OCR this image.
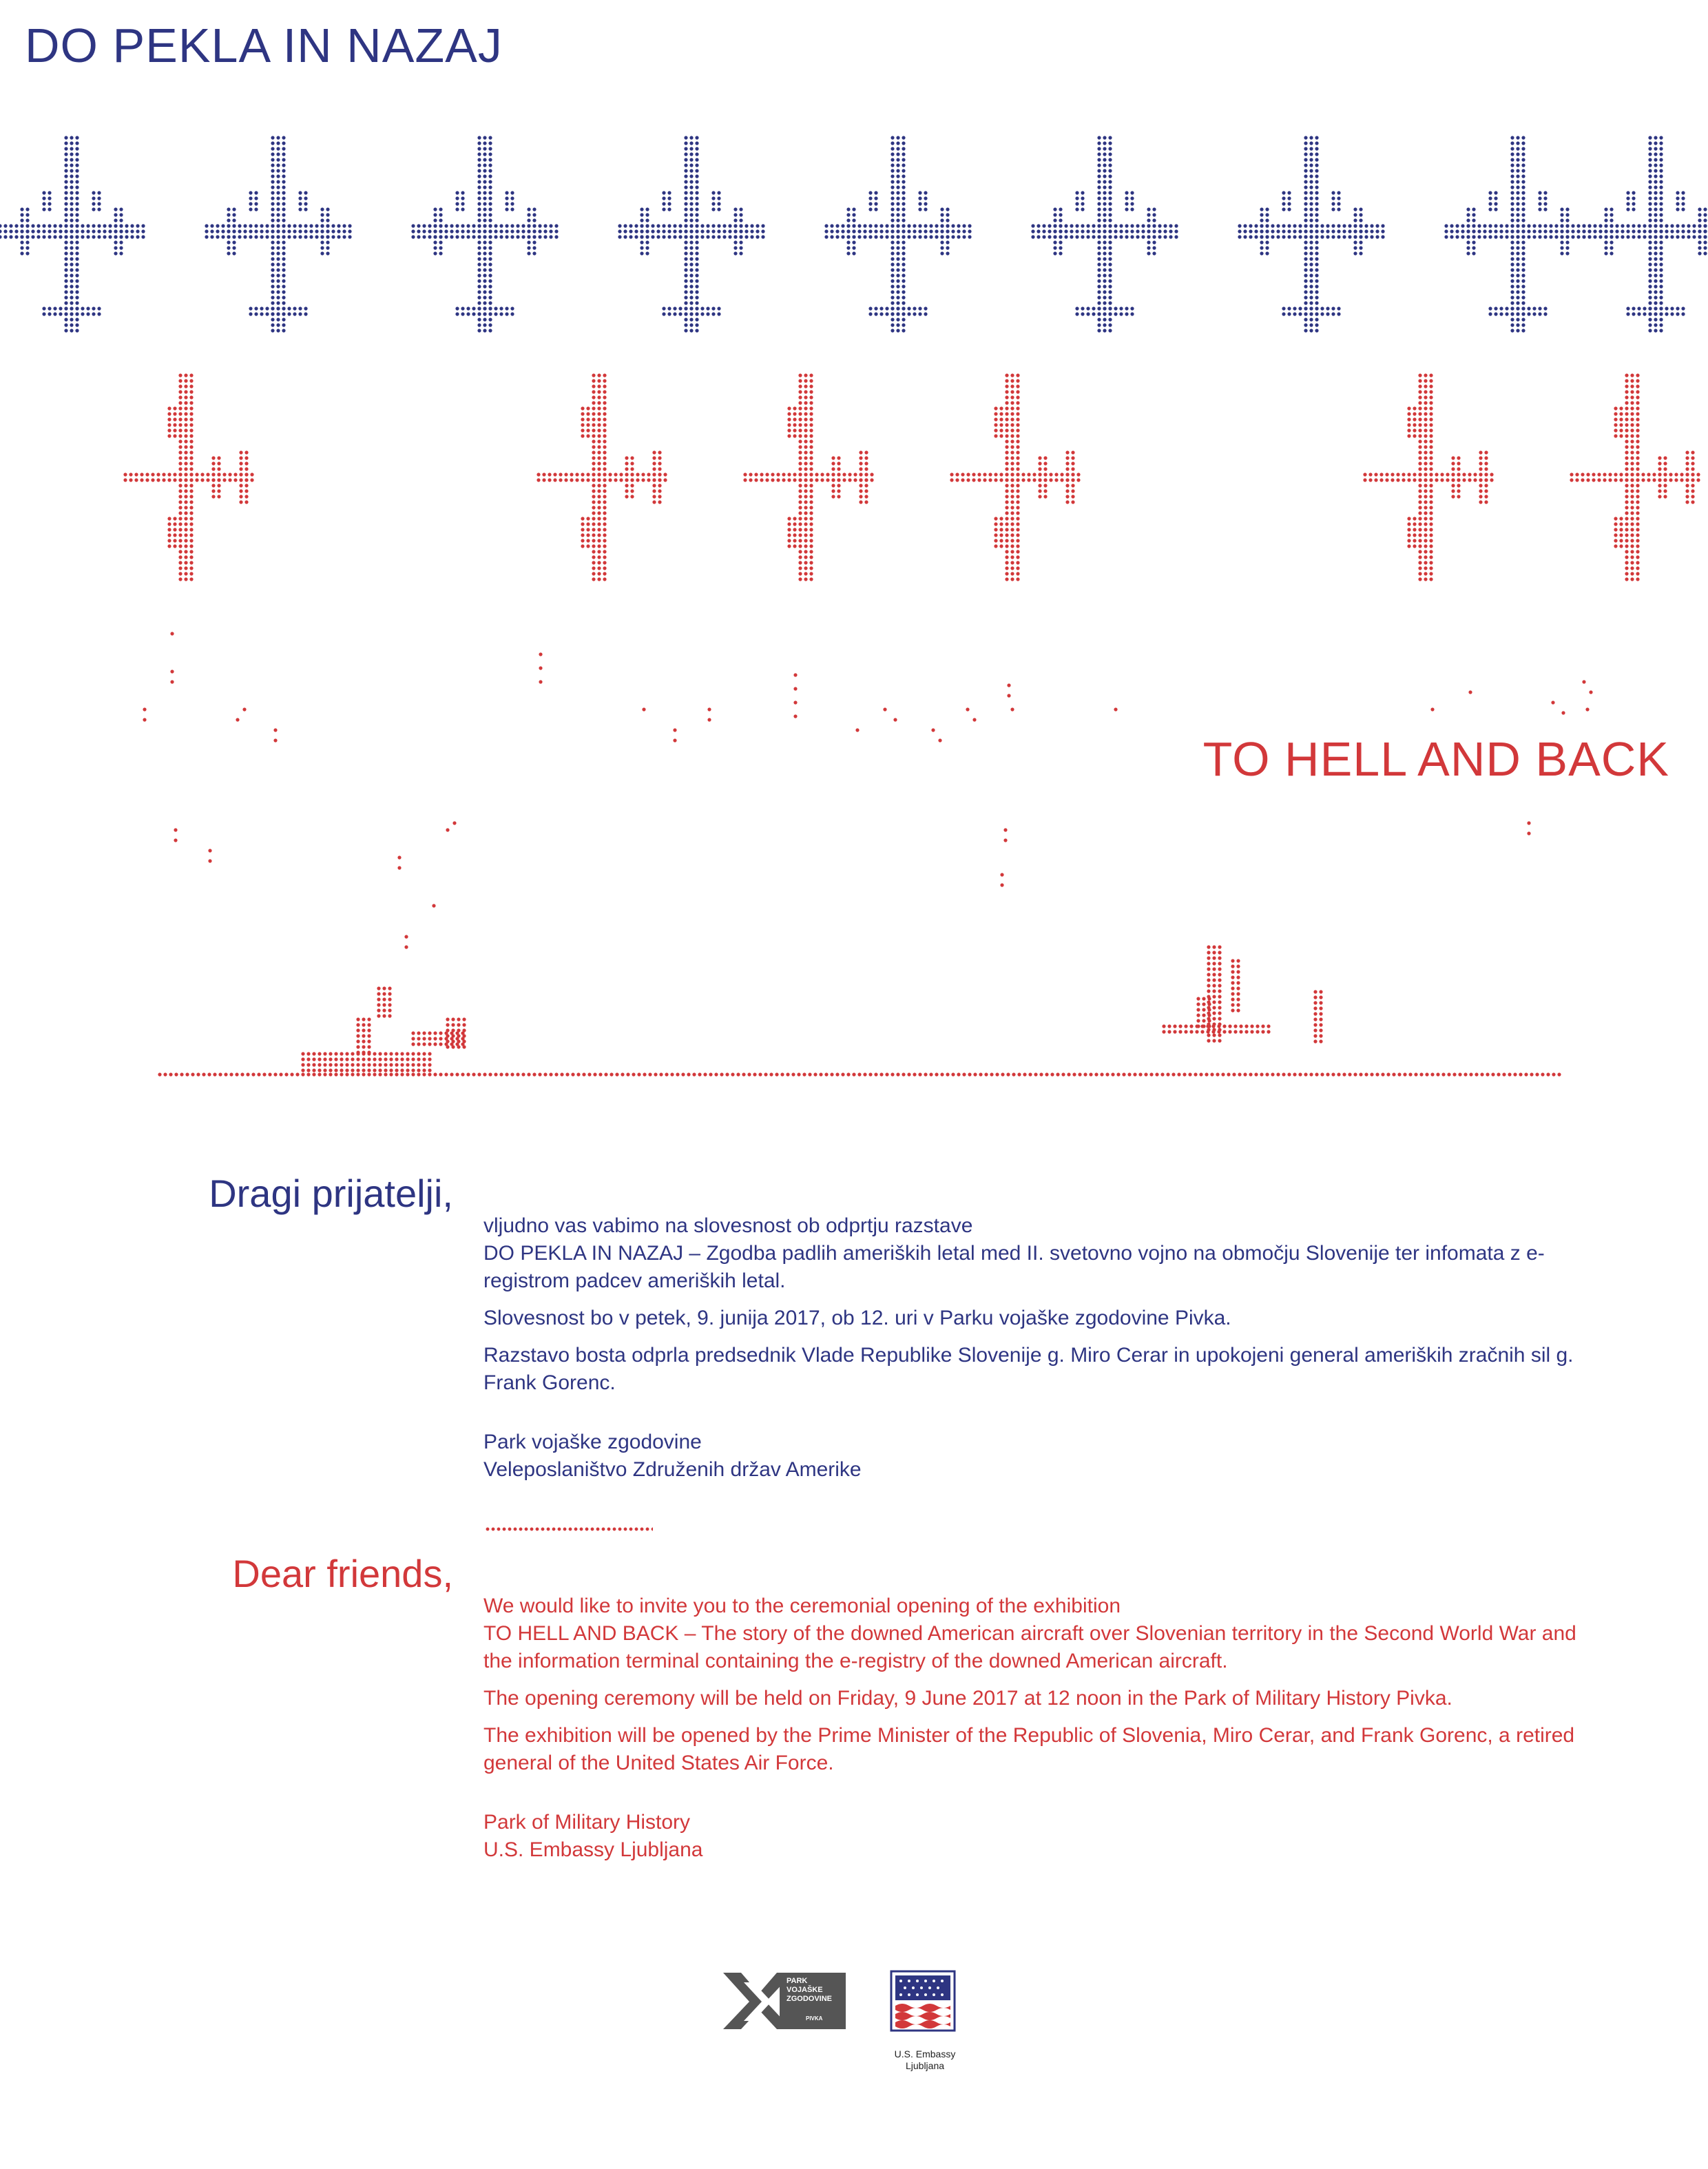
DO PEKLA IN NAZAJ
TO HELL AND BACK
Dragi prijatelji,

vljudno vas vabimo na slovesnost ob odprtju razstave
DO PEKLA IN NAZAJ – Zgodba padlih ameriških letal med II. svetovno vojno na območju Slovenije ter infomata z e-registrom padcev ameriških letal.

Slovesnost bo v petek, 9. junija 2017, ob 12. uri v Parku vojaške zgodovine Pivka.

Razstavo bosta odprla predsednik Vlade Republike Slovenije g. Miro Cerar in upokojeni general ameriških zračnih sil g. Frank Gorenc.

Park vojaške zgodovine
Veleposlaništvo Združenih držav Amerike

Dear friends,

We would like to invite you to the ceremonial opening of the exhibition
TO HELL AND BACK – The story of the downed American aircraft over Slovenian territory in the Second World War and the information terminal containing the e-registry of the downed American aircraft.

The opening ceremony will be held on Friday, 9 June 2017 at 12 noon in the Park of Military History Pivka.

The exhibition will be opened by the Prime Minister of the Republic of Slovenia, Miro Cerar, and Frank Gorenc, a retired general of the United States Air Force.

Park of Military History
U.S. Embassy Ljubljana

PARK
VOJAŠKE
ZGODOVINE
PIVKA
U.S. Embassy
Ljubljana
